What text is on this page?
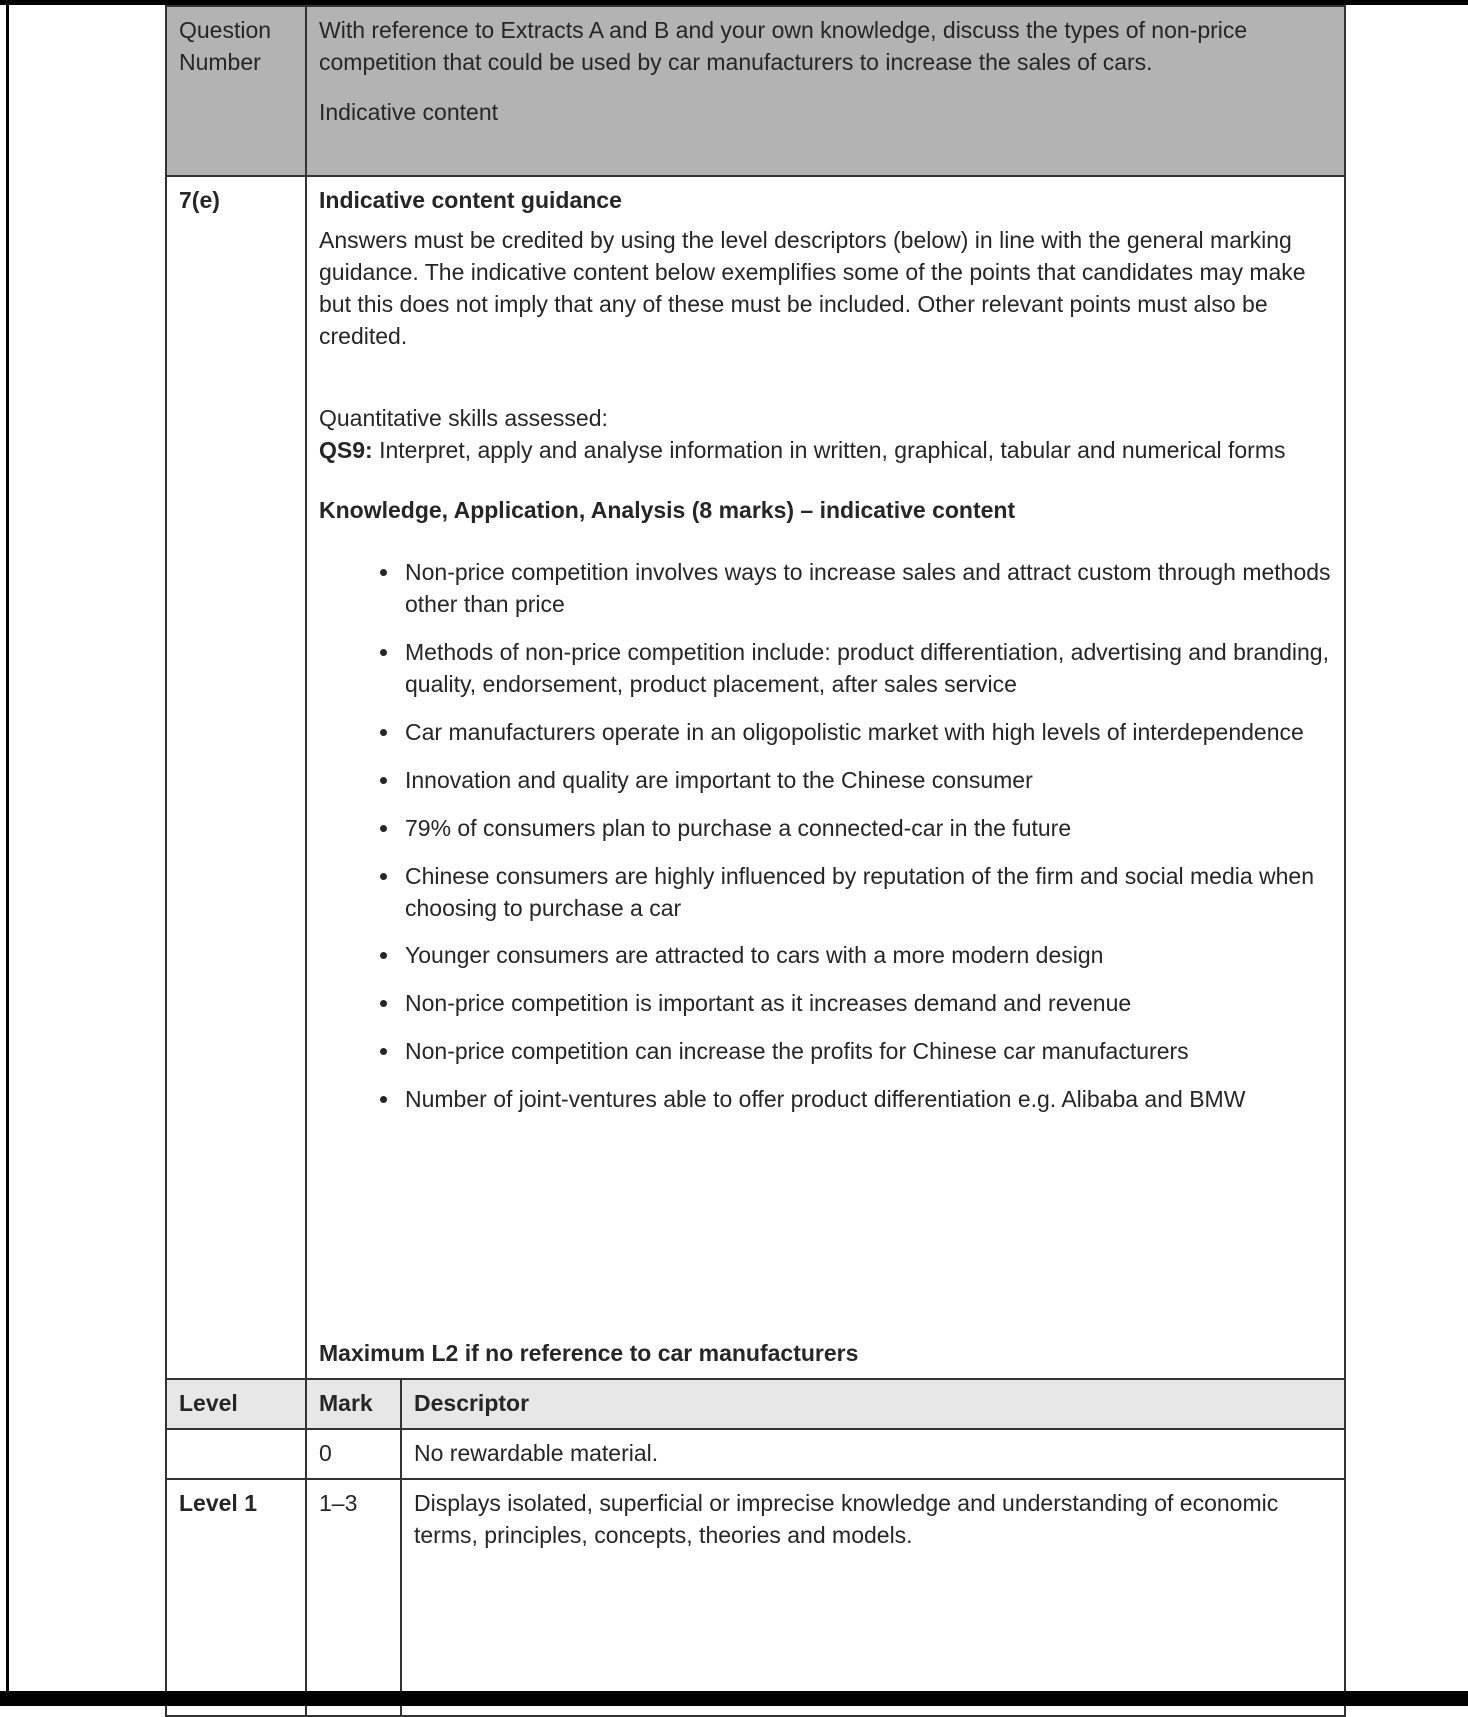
Question Number	With reference to Extracts A and B and your own knowledge, discuss the types of non-price competition that could be used by car manufacturers to increase the sales of cars.
Indicative content	

7(e)	Indicative content guidance

Answers must be credited by using the level descriptors (below) in line with the general marking guidance. The indicative content below exemplifies some of the points that candidates may make but this does not imply that any of these must be included. Other relevant points must also be credited.

Quantitative skills assessed:
QS9: Interpret, apply and analyse information in written, graphical, tabular and numerical forms

Knowledge, Application, Analysis (8 marks) – indicative content
• Non-price competition involves ways to increase sales and attract custom through methods other than price
• Methods of non-price competition include: product differentiation, advertising and branding, quality, endorsement, product placement, after sales service
• Car manufacturers operate in an oligopolistic market with high levels of interdependence
• Innovation and quality are important to the Chinese consumer
• 79% of consumers plan to purchase a connected-car in the future
• Chinese consumers are highly influenced by reputation of the firm and social media when choosing to purchase a car
• Younger consumers are attracted to cars with a more modern design
• Non-price competition is important as it increases demand and revenue
• Non-price competition can increase the profits for Chinese car manufacturers
• Number of joint-ventures able to offer product differentiation e.g. Alibaba and BMW
Maximum L2 if no reference to car manufacturers

Level	Mark	Descriptor
	0	No rewardable material.
Level 1	1–3	Displays isolated, superficial or imprecise knowledge and understanding of economic terms, principles, concepts, theories and models.
